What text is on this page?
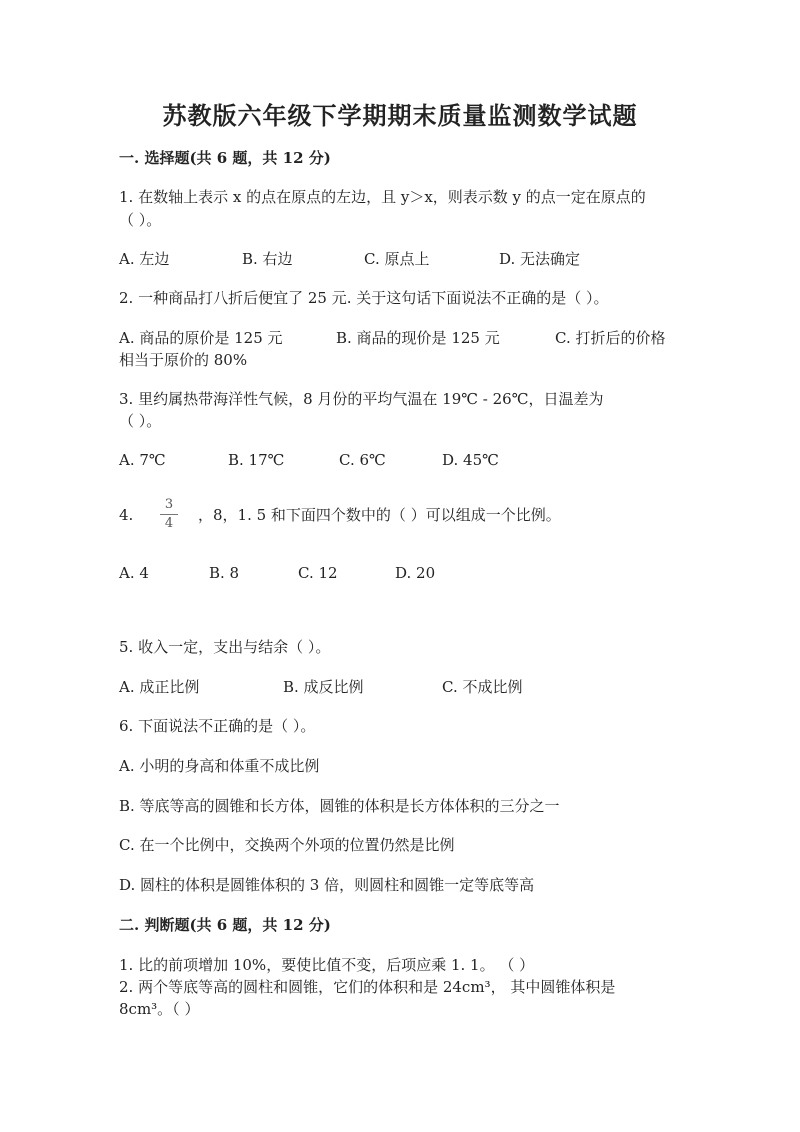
苏教版六年级下学期期末质量监测数学试题
一. 选择题(共 6 题，共 12 分)
1. 在数轴上表示 x 的点在原点的左边，且 y＞x，则表示数 y 的点一定在原点的
（ ）。
A. 左边	B. 右边	C. 原点上	D. 无法确定
2. 一种商品打八折后便宜了 25 元. 关于这句话下面说法不正确的是（ ）。
A. 商品的原价是 125 元	B. 商品的现价是 125 元	C. 打折后的价格
相当于原价的 80%
3. 里约属热带海洋性气候，8 月份的平均气温在 19℃ - 26℃，日温差为
（ ）。
A. 7℃	B. 17℃	C. 6℃	D. 45℃
4. $\frac{3}{4}$ ，8，1. 5 和下面四个数中的（ ）可以组成一个比例。
A. 4	B. 8	C. 12	D. 20
5. 收入一定，支出与结余（ ）。
A. 成正比例	B. 成反比例	C. 不成比例
6. 下面说法不正确的是（ ）。
A. 小明的身高和体重不成比例
B. 等底等高的圆锥和长方体，圆锥的体积是长方体体积的三分之一
C. 在一个比例中，交换两个外项的位置仍然是比例
D. 圆柱的体积是圆锥体积的 3 倍，则圆柱和圆锥一定等底等高
二. 判断题(共 6 题，共 12 分)
1. 比的前项增加 10%，要使比值不变，后项应乘 1. 1。 （ ）
2. 两个等底等高的圆柱和圆锥，它们的体积和是 24cm³， 其中圆锥体积是
8cm³。（ ）
